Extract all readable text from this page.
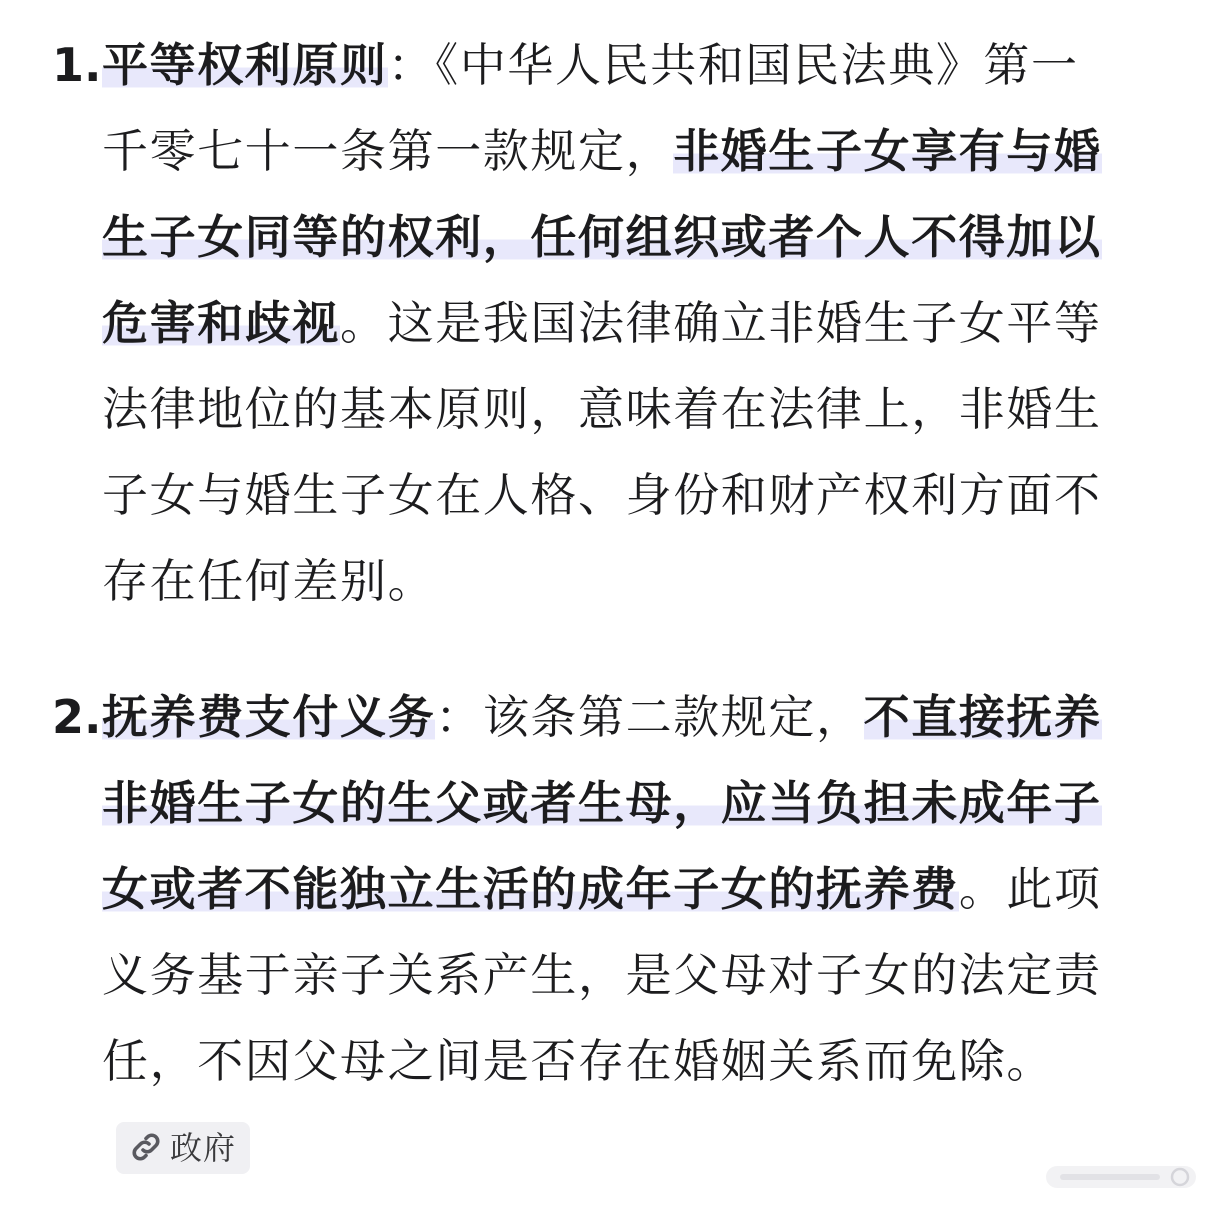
1. 平等权利原则：《中华人民共和国民法典》第一千零七十一条第一款规定，非婚生子女享有与婚生子女同等的权利，任何组织或者个人不得加以危害和歧视。这是我国法律确立非婚生子女平等法律地位的基本原则，意味着在法律上，非婚生子女与婚生子女在人格、身份和财产权利方面不存在任何差别。
2. 抚养费支付义务：该条第二款规定，不直接抚养非婚生子女的生父或者生母，应当负担未成年子女或者不能独立生活的成年子女的抚养费。此项义务基于亲子关系产生，是父母对子女的法定责任，不因父母之间是否存在婚姻关系而免除。政府
